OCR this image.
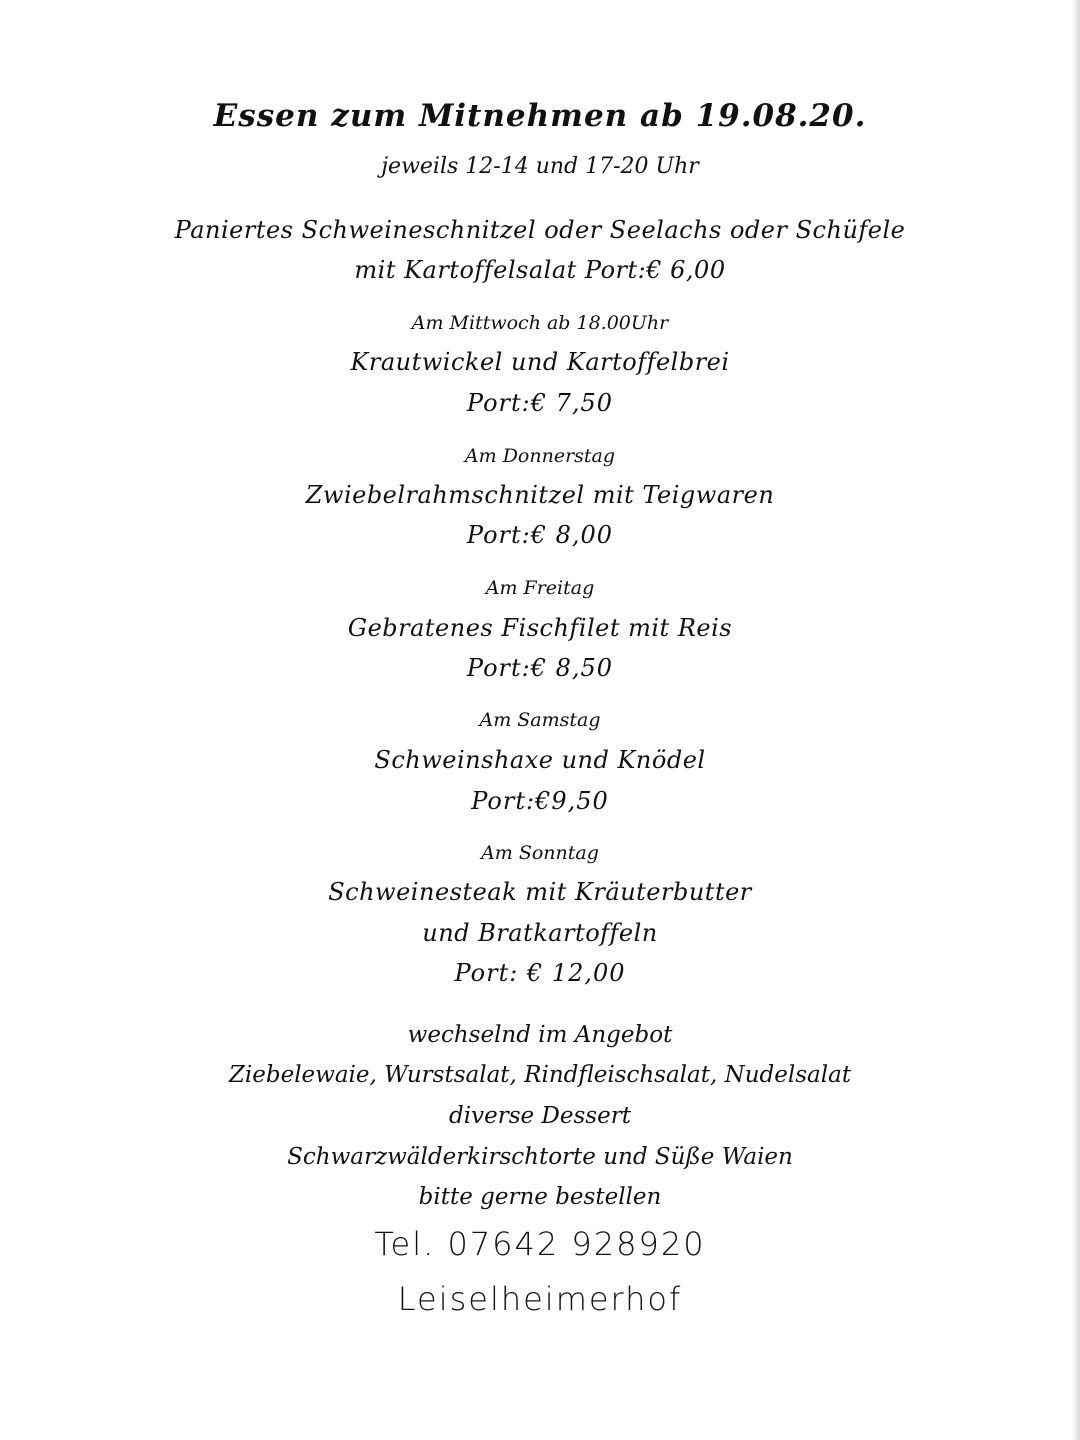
Essen zum Mitnehmen ab 19.08.20.
jeweils 12-14 und 17-20 Uhr
Paniertes Schweineschnitzel oder Seelachs oder Schüfele
mit Kartoffelsalat Port:€ 6,00
Am Mittwoch ab 18.00Uhr
Krautwickel und Kartoffelbrei
Port:€ 7,50
Am Donnerstag
Zwiebelrahmschnitzel mit Teigwaren
Port:€ 8,00
Am Freitag
Gebratenes Fischfilet mit Reis
Port:€ 8,50
Am Samstag
Schweinshaxe und Knödel
Port:€9,50
Am Sonntag
Schweinesteak mit Kräuterbutter
und Bratkartoffeln
Port: € 12,00
wechselnd im Angebot
Ziebelewaie, Wurstsalat, Rindfleischsalat, Nudelsalat
diverse Dessert
Schwarzwälderkirschtorte und Süße Waien
bitte gerne bestellen
Tel. 07642 928920
Leiselheimerhof
